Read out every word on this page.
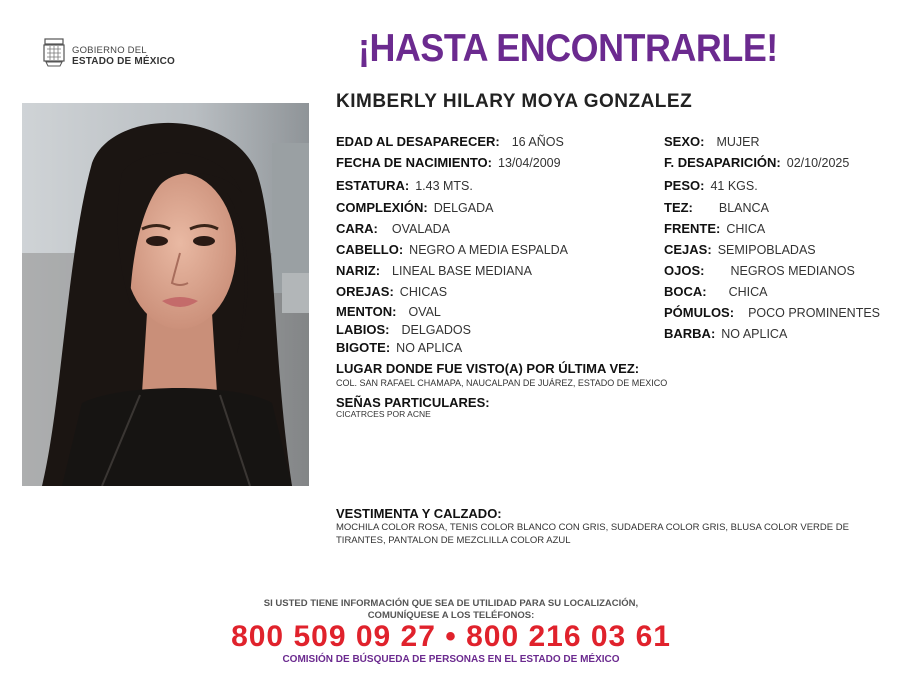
GOBIERNO DEL
ESTADO DE MÉXICO	¡HASTA ENCONTRARLE!
KIMBERLY HILARY MOYA GONZALEZ
EDAD AL DESAPARECER: 16 AÑOS
FECHA DE NACIMIENTO: 13/04/2009
ESTATURA: 1.43 MTS.
COMPLEXIÓN: DELGADA
CARA: OVALADA
CABELLO: NEGRO A MEDIA ESPALDA
NARIZ: LINEAL BASE MEDIANA
OREJAS: CHICAS
MENTON: OVAL
LABIOS: DELGADOS
BIGOTE: NO APLICA
SEXO: MUJER
F. DESAPARICIÓN: 02/10/2025
PESO: 41 KGS.
TEZ: BLANCA
FRENTE: CHICA
CEJAS: SEMIPOBLADAS
OJOS: NEGROS MEDIANOS
BOCA: CHICA
PÓMULOS: POCO PROMINENTES
BARBA: NO APLICA
LUGAR DONDE FUE VISTO(A) POR ÚLTIMA VEZ:
COL. SAN RAFAEL CHAMAPA, NAUCALPAN DE JUÁREZ, ESTADO DE MEXICO
SEÑAS PARTICULARES:
CICATRCES POR ACNE
VESTIMENTA Y CALZADO:
MOCHILA COLOR ROSA, TENIS COLOR BLANCO CON GRIS, SUDADERA COLOR GRIS, BLUSA COLOR VERDE DE TIRANTES, PANTALON DE MEZCLILLA COLOR AZUL
SI USTED TIENE INFORMACIÓN QUE SEA DE UTILIDAD PARA SU LOCALIZACIÓN,
COMUNÍQUESE A LOS TELÉFONOS:
800 509 09 27 • 800 216 03 61
COMISIÓN DE BÚSQUEDA DE PERSONAS EN EL ESTADO DE MÉXICO
